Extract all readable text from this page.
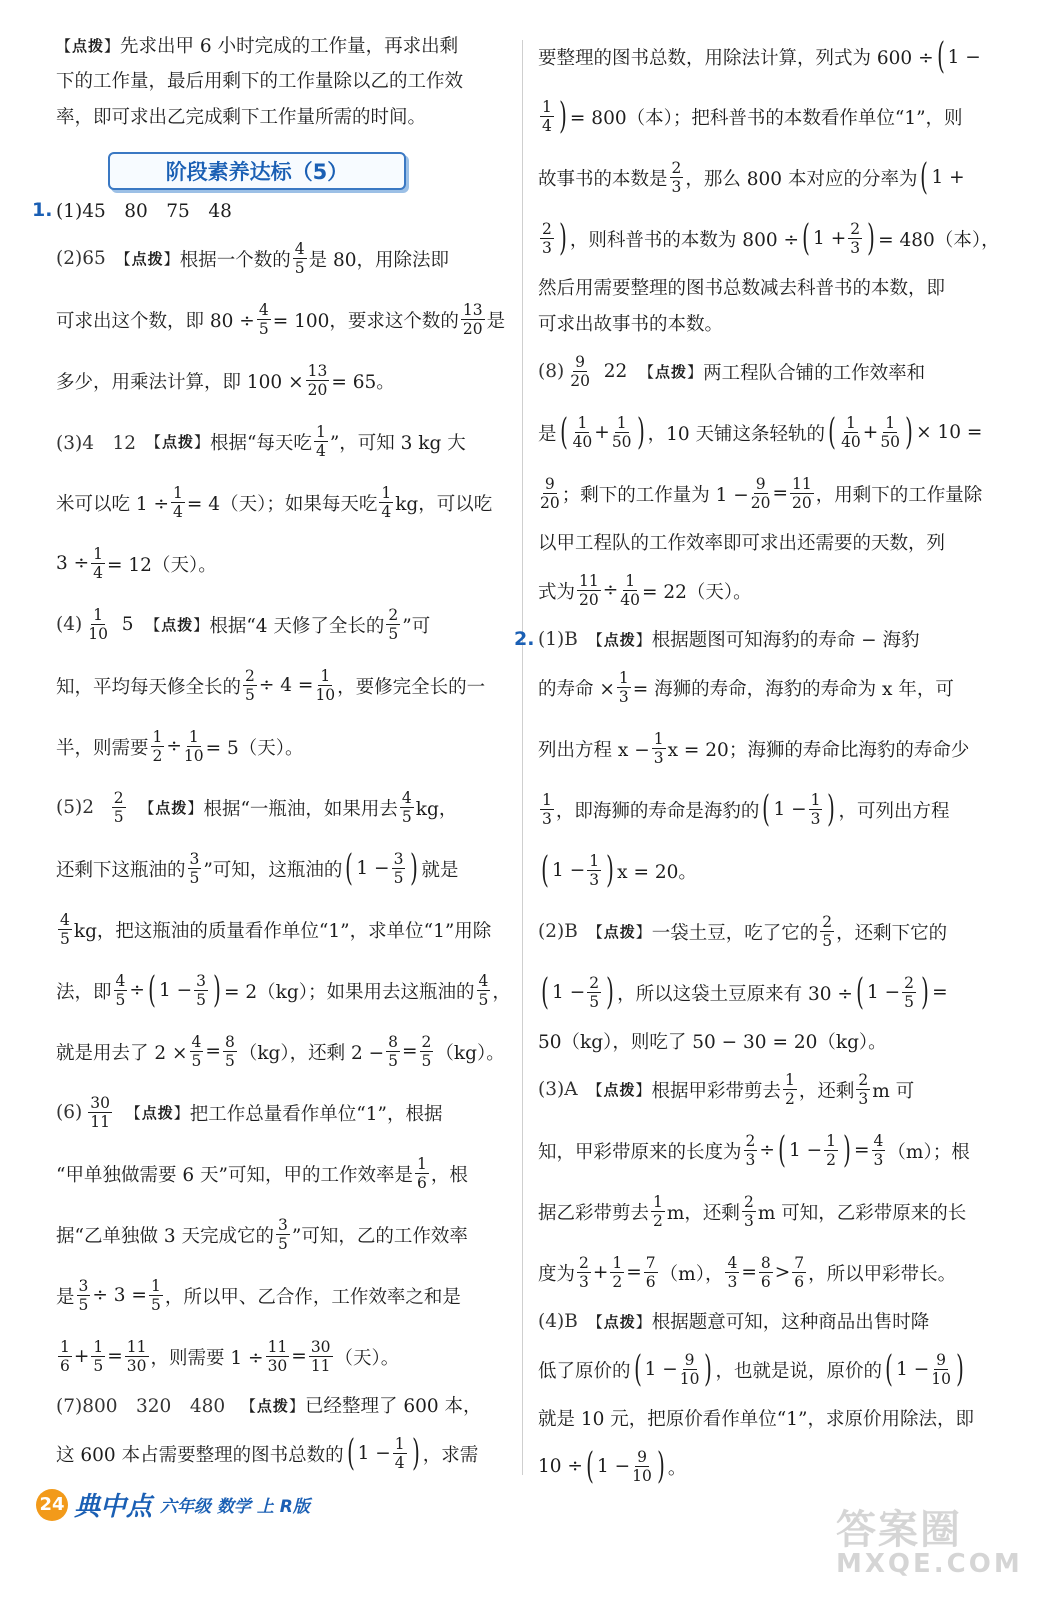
【 点拨 】 先求出甲 6 小时完成的工作量，再求出剩
下的工作量，最后用剩下的工作量除以乙的工作效
率，即可求出乙完成剩下工作量所需的时间。
1. (1)45　80　75　48
(2)65
	【 点拨 】 根据一个数的
4
5 是 80，用除法即
可求出这个数，即 $80 \div \frac{4}{5} = 100$，要求这个数的
13
20 是
多少，用乘法计算，即 $100 \times \frac{13}{20} = 65$。
(3)4　12
	【 点拨 】 根据“每天吃
1
4 ”，可知 3 kg 大
米可以吃 $1 \div \frac{1}{4} = 4$（天）；如果每天吃
1
4 kg，可以吃
$3 \div \frac{1}{4} = 12$（天）。
(4) 1
10
5
	【 点拨 】 根据“4 天修了全长的
2
5 ”可
知，平均每天修全长的 $\frac{2}{5} \div 4 = \frac{1}{10}$ ，要修完全长的一
半，则需要 $\frac{1}{2} \div \frac{1}{10} = 5$（天）。
(5)2
2
5
	【 点拨 】 根据“一瓶油，如果用去
4
5 kg，
还剩下这瓶油的
3
5 ”可知，这瓶油的 ( 1 − 3
5 ) 就是
4
5 kg，把这瓶油的质量看作单位“1”，求单位“1”用除
法，即 $\frac{4}{5}$ ÷ ( 1 − 3
5 ) = 2（kg）；如果用去这瓶油的
4
5 ，
就是用去了 $2 \times \frac{4}{5} = \frac{8}{5} (kg)$，还剩 $2 - \frac{8}{5} = \frac{2}{5} (kg)$。
(6) 30
11
	【 点拨 】 把工作总量看作单位“1”，根据
“甲单独做需要 6 天”可知，甲的工作效率是
1
6 ，根
据“乙单独做 3 天完成它的
3
5 ”可知，乙的工作效率
是 $\frac{3}{5} \div 3 = \frac{1}{5}$ ，所以甲、乙合作，工作效率之和是
1
$6 + \frac{1}{5} = \frac{11}{30}$ ，则需要 $1 \div \frac{11}{30} = \frac{30}{11}$ （天）。
(7)800　320　480
	【 点拨 】 已经整理了 600 本，
这 600 本占需要整理的图书总数的 ( 1 − 1
4 ) ，求需
阶段素养达标（5）
要整理的图书总数，用除法计算，列式为 600 ÷ ( 1 −
1
4 ) = 800（本）；把科普书的本数看作单位“1”，则
故事书的本数是
2
3 ，那么 800 本对应的分率为 ( 1 +
2
3 ) ，则科普书的本数为 800 ÷ ( 1 + 2
3 ) = 480（本），
然后用需要整理的图书总数减去科普书的本数，即
可求出故事书的本数。
(8) 9
20
22
	【 点拨 】 两工程队合铺的工作效率和
是 ( 1
40 + 1
50 ) ，10 天铺这条轻轨的 ( 1
40 + 1
50 ) × 10 =
9
20 ；剩下的工作量为 $1 - \frac{9}{20} = \frac{11}{20}$ ，用剩下的工作量除
以甲工程队的工作效率即可求出还需要的天数，列
式为 $\frac{11}{20} \div \frac{1}{40} = 22$（天）。
2. (1)B
	【 点拨 】 根据题图可知海豹的寿命 − 海豹
的寿命 × $\frac{1}{3}$ = 海狮的寿命，海豹的寿命为 x 年，可
列出方程 $x - \frac{1}{3}$ x = 20；海狮的寿命比海豹的寿命少
1
3 ，即海狮的寿命是海豹的 ( 1 − 1
3 ) ，可列出方程
( 1 − 1
3 ) x = 20。
(2)B
	【 点拨 】 一袋土豆，吃了它的
2
5 ，还剩下它的
( 1 − 2
5 ) ，所以这袋土豆原来有 30 ÷ ( 1 − 2
5 ) =
50（kg），则吃了 50 − 30 = 20（kg）。
(3)A
	【 点拨 】 根据甲彩带剪去
1
2 ，还剩
2
3 m 可
知，甲彩带原来的长度为 $\frac{2}{3}$ ÷ ( 1 − 1
2 ) = $\frac{4}{3} (m)$；根
据乙彩带剪去
1
2 m，还剩
2
3 m 可知，乙彩带原来的长
度为
2
$3 + \frac{1}{2} = \frac{7}{6} (m)$， $\frac{4}{3} = \frac{8}{6} > 7$
6 ，所以甲彩带长。
(4)B
	【 点拨 】 根据题意可知，这种商品出售时降
低了原价的 ( 1 − 9
10 ) ，也就是说，原价的 ( 1 − 9
10 )
就是 10 元，把原价看作单位“1”，求原价用除法，即
10 ÷ ( 1 − 9
10 ) 。
24 典中点 六年级 数学 上 R版	答案圈
MXQE.COM
